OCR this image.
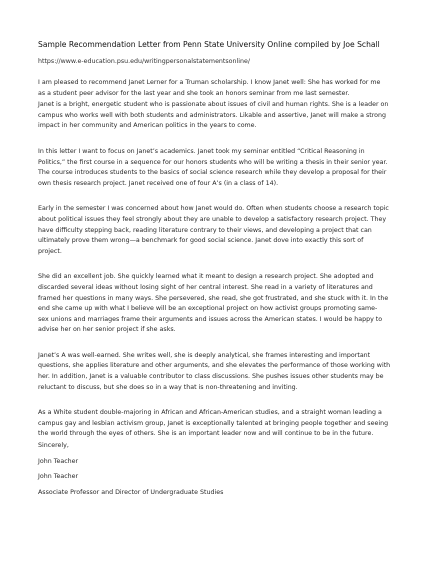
Sample Recommendation Letter from Penn State University Online compiled by Joe Schall
https://www.e-education.psu.edu/writingpersonalstatementsonline/
I am pleased to recommend Janet Lerner for a Truman scholarship. I know Janet well: She has worked for me
as a student peer advisor for the last year and she took an honors seminar from me last semester.
Janet is a bright, energetic student who is passionate about issues of civil and human rights. She is a leader on
campus who works well with both students and administrators. Likable and assertive, Janet will make a strong
impact in her community and American politics in the years to come.
In this letter I want to focus on Janet’s academics. Janet took my seminar entitled “Critical Reasoning in
Politics,” the first course in a sequence for our honors students who will be writing a thesis in their senior year.
The course introduces students to the basics of social science research while they develop a proposal for their
own thesis research project. Janet received one of four A’s (in a class of 14).
Early in the semester I was concerned about how Janet would do. Often when students choose a research topic
about political issues they feel strongly about they are unable to develop a satisfactory research project. They
have difficulty stepping back, reading literature contrary to their views, and developing a project that can
ultimately prove them wrong—a benchmark for good social science. Janet dove into exactly this sort of
project.
She did an excellent job. She quickly learned what it meant to design a research project. She adopted and
discarded several ideas without losing sight of her central interest. She read in a variety of literatures and
framed her questions in many ways. She persevered, she read, she got frustrated, and she stuck with it. In the
end she came up with what I believe will be an exceptional project on how activist groups promoting same-
sex unions and marriages frame their arguments and issues across the American states. I would be happy to
advise her on her senior project if she asks.
Janet’s A was well-earned. She writes well, she is deeply analytical, she frames interesting and important
questions, she applies literature and other arguments, and she elevates the performance of those working with
her. In addition, Janet is a valuable contributor to class discussions. She pushes issues other students may be
reluctant to discuss, but she does so in a way that is non-threatening and inviting.
As a White student double-majoring in African and African-American studies, and a straight woman leading a
campus gay and lesbian activism group, Janet is exceptionally talented at bringing people together and seeing
the world through the eyes of others. She is an important leader now and will continue to be in the future.
Sincerely,
John Teacher
John Teacher
Associate Professor and Director of Undergraduate Studies
